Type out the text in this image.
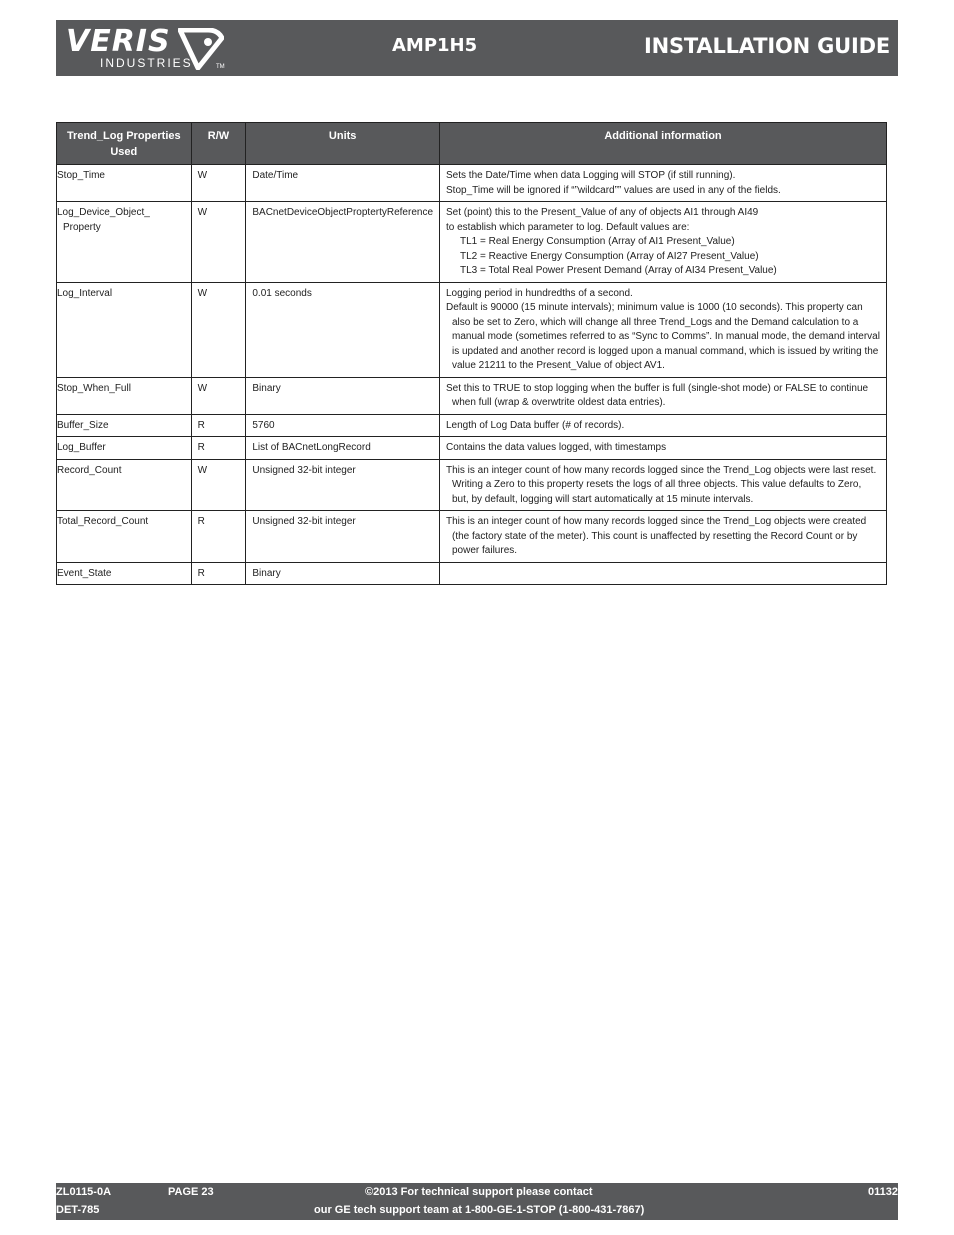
VERIS
INDUSTRIES	TM
AMP1H5	INSTALLATION GUIDE
Trend_Log Properties Used	R/W	Units	Additional information
Stop_Time	W	Date/Time	Sets the Date/Time when data Logging will STOP (if still running).
Stop_Time will be ignored if “”wildcard”” values are used in any of the fields.

Log_Device_Object_ Property	W	BACnetDeviceObjectProptertyReference	Set (point) this to the Present_Value of any of objects AI1 through AI49
to establish which parameter to log. Default values are:
TL1 = Real Energy Consumption (Array of AI1 Present_Value)
TL2 = Reactive Energy Consumption (Array of AI27 Present_Value)
TL3 = Total Real Power Present Demand (Array of AI34 Present_Value)

Log_Interval	W	0.01 seconds	Logging period in hundredths of a second.
Default is 90000 (15 minute intervals); minimum value is 1000 (10 seconds). This property can also be set to Zero, which will change all three Trend_Logs and the Demand calculation to a manual mode (sometimes referred to as “Sync to Comms”. In manual mode, the demand interval is updated and another record is logged upon a manual command, which is issued by writing the value 21211 to the Present_Value of object AV1.

Stop_When_Full	W	Binary	Set this to TRUE to stop logging when the buffer is full (single-shot mode) or FALSE to continue when full (wrap & overwtrite oldest data entries).

Buffer_Size	R	5760	Length of Log Data buffer (# of records).

Log_Buffer	R	List of BACnetLongRecord	Contains the data values logged, with timestamps

Record_Count	W	Unsigned 32-bit integer	This is an integer count of how many records logged since the Trend_Log objects were last reset. Writing a Zero to this property resets the logs of all three objects. This value defaults to Zero, but, by default, logging will start automatically at 15 minute intervals.

Total_Record_Count	R	Unsigned 32-bit integer	This is an integer count of how many records logged since the Trend_Log objects were created (the factory state of the meter). This count is unaffected by resetting the Record Count or by power failures.

Event_State	R	Binary	
ZL0115-0A	PAGE 23
DET-785
©2013 For technical support please contact
our GE tech support team at 1-800-GE-1-STOP (1-800-431-7867)
01132
